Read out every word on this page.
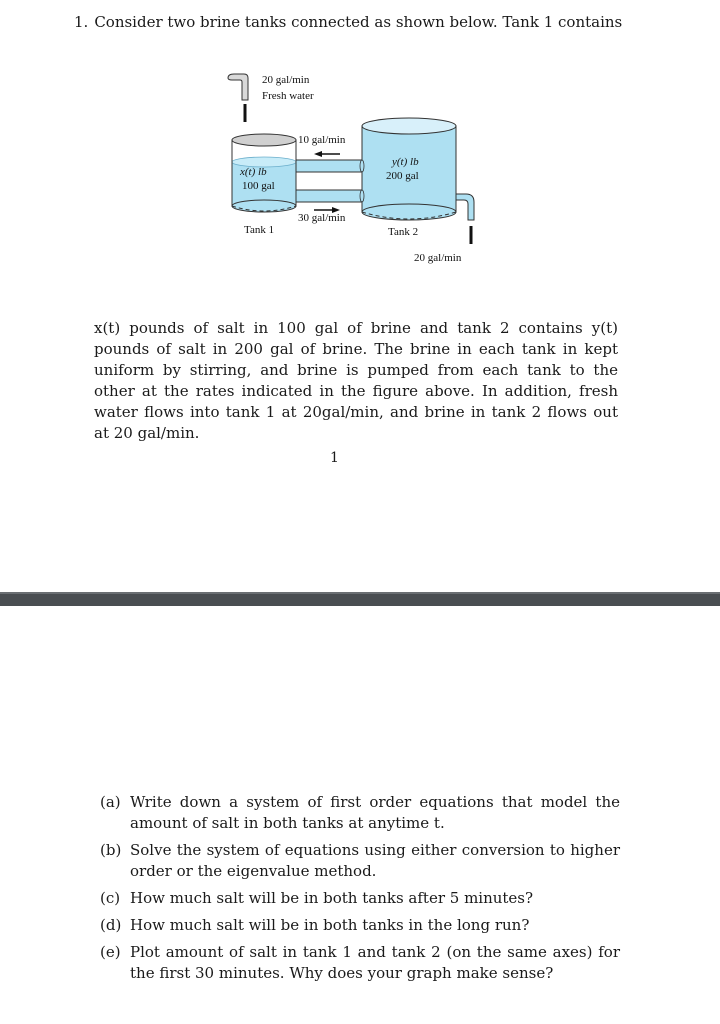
1. Consider two brine tanks connected as shown below. Tank 1 contains
20 gal/min
Fresh water
10 gal/min
30 gal/min
x(t) lb
100 gal
Tank 1
y(t) lb
200 gal
Tank 2
20 gal/min
x(t) pounds of salt in 100 gal of brine and tank 2 contains y(t) pounds of salt in 200 gal of brine. The brine in each tank in kept uniform by stirring, and brine is pumped from each tank to the other at the rates indicated in the figure above. In addition, fresh water flows into tank 1 at 20gal/min, and brine in tank 2 flows out at 20 gal/min.
1
(a) Write down a system of first order equations that model the amount of salt in both tanks at anytime t.
(b) Solve the system of equations using either conversion to higher order or the eigenvalue method.
(c) How much salt will be in both tanks after 5 minutes?
(d) How much salt will be in both tanks in the long run?
(e) Plot amount of salt in tank 1 and tank 2 (on the same axes) for the first 30 minutes. Why does your graph make sense?
